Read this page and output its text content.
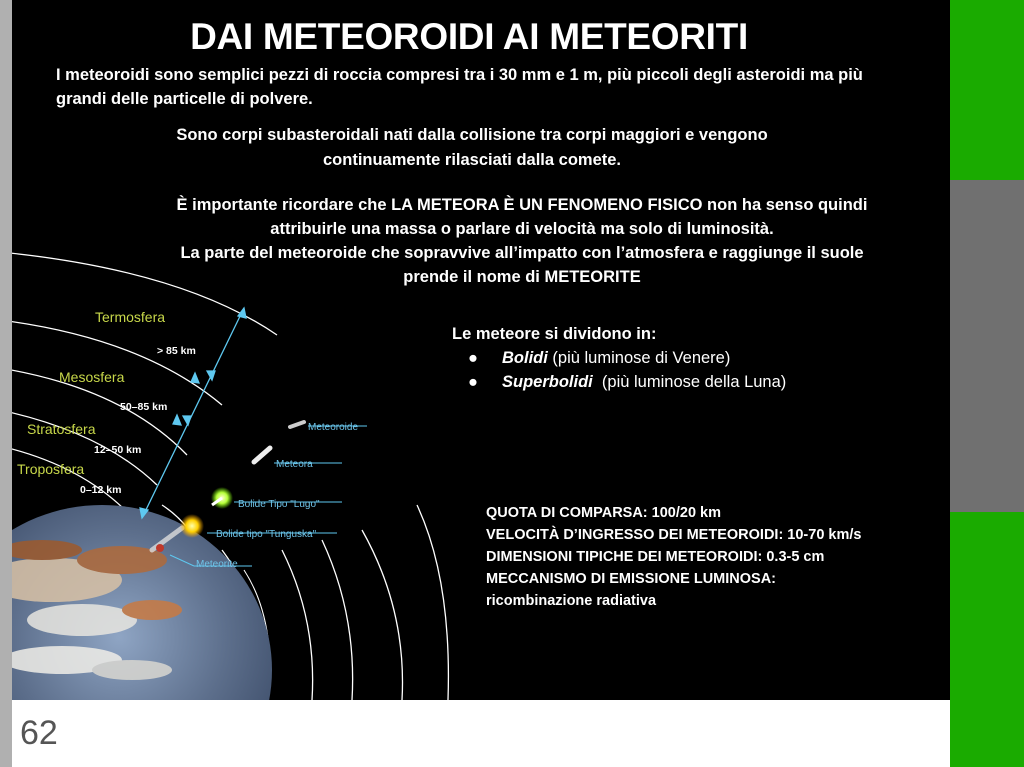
Termosfera
Mesosfera
Stratosfera
Troposfera
> 85 km
50–85 km
12–50 km
0–12 km
Meteoroide
Meteora
Bolide Tipo "Lugo"
Bolide tipo "Tunguska"
Meteorite
DAI METEOROIDI AI METEORITI
I meteoroidi sono semplici pezzi di roccia compresi tra i 30 mm e 1 m, più piccoli degli asteroidi ma più grandi delle particelle di polvere.
Sono corpi subasteroidali nati dalla collisione tra corpi maggiori e vengono continuamente rilasciati dalla comete.
È importante ricordare che LA METEORA È UN FENOMENO FISICO non ha senso quindi attribuirle una massa o parlare di velocità ma solo di luminosità.
La parte del meteoroide che sopravvive all’impatto con l’atmosfera e raggiunge il suole prende il nome di METEORITE
Le meteore si dividono in:
● Bolidi (più luminose di Venere)
● Superbolidi  (più luminose della Luna)
QUOTA DI COMPARSA: 100/20 km
VELOCITÀ D’INGRESSO DEI METEOROIDI: 10-70 km/s
DIMENSIONI TIPICHE DEI METEOROIDI: 0.3-5 cm
MECCANISMO DI EMISSIONE LUMINOSA:
ricombinazione radiativa
62
